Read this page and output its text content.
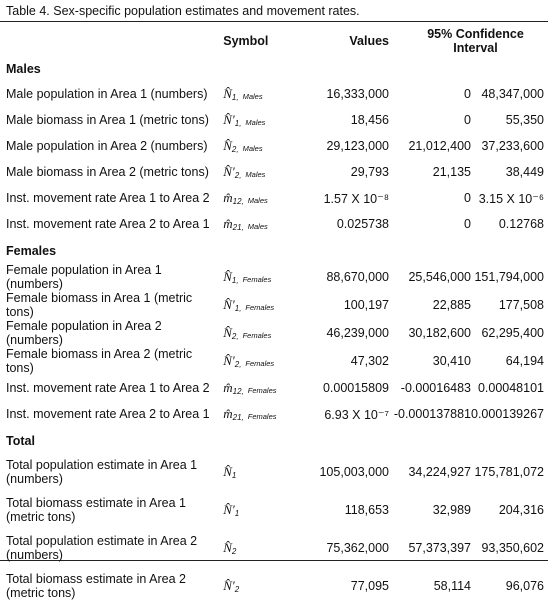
Table 4. Sex-specific population estimates and movement rates.
	Symbol	Values	95% Confidence Interval	
Males				
Male population in Area 1 (numbers)	$N̂_{1,}$ Males	16,333,000	0	48,347,000
Male biomass in Area 1 (metric tons)	$N̂'_{1,}$ Males	18,456	0	55,350
Male population in Area 2 (numbers)	$N̂_{2,}$ Males	29,123,000	21,012,400	37,233,600
Male biomass in Area 2 (metric tons)	$N̂'_{2,}$ Males	29,793	21,135	38,449
Inst. movement rate Area 1 to Area 2	$m̂_{12,}$ Males	1.57 X 10⁻⁸	0	3.15 X 10⁻⁶
Inst. movement rate Area 2 to Area 1	$m̂_{21,}$ Males	0.025738	0	0.12768
Females				
Female population in Area 1 (numbers)	$N̂_{1,}$ Females	88,670,000	25,546,000	151,794,000
Female biomass in Area 1 (metric tons)	$N̂'_{1,}$ Females	100,197	22,885	177,508
Female population in Area 2 (numbers)	$N̂_{2,}$ Females	46,239,000	30,182,600	62,295,400
Female biomass in Area 2 (metric tons)	$N̂'_{2,}$ Females	47,302	30,410	64,194
Inst. movement rate Area 1 to Area 2	$m̂_{12,}$ Females	0.00015809	-0.00016483	0.00048101
Inst. movement rate Area 2 to Area 1	$m̂_{21,}$ Females	6.93 X 10⁻⁷	-0.000137881	0.000139267
Total				
Total population estimate in Area 1 (numbers)	$N̂_1$	105,003,000	34,224,927	175,781,072
Total biomass estimate in Area 1 (metric tons)	$N̂'_1$	118,653	32,989	204,316
Total population estimate in Area 2 (numbers)	$N̂_2$	75,362,000	57,373,397	93,350,602
Total biomass estimate in Area 2 (metric tons)	$N̂'_2$	77,095	58,114	96,076
